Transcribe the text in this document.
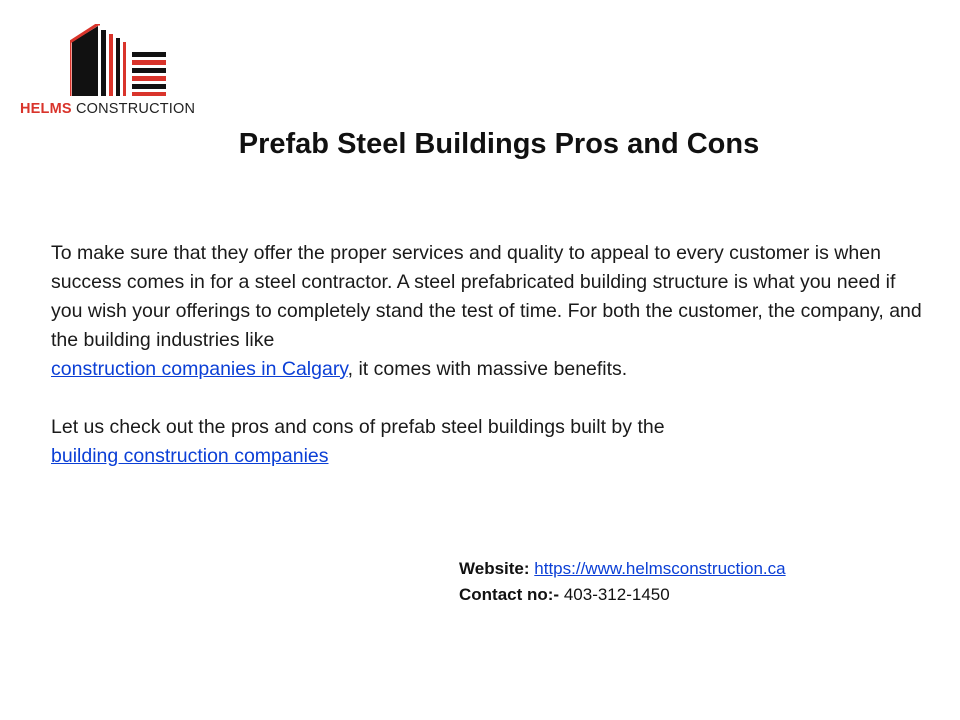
HELMS CONSTRUCTION
Prefab Steel Buildings Pros and Cons

To make sure that they offer the proper services and quality to appeal to every customer is when success comes in for a steel contractor. A steel prefabricated building structure is what you need if you wish your offerings to completely stand the test of time. For both the customer, the company, and the building industries like
construction companies in Calgary, it comes with massive benefits.

Let us check out the pros and cons of prefab steel buildings built by the
building construction companies

Website: https://www.helmsconstruction.ca
Contact no:- 403-312-1450
